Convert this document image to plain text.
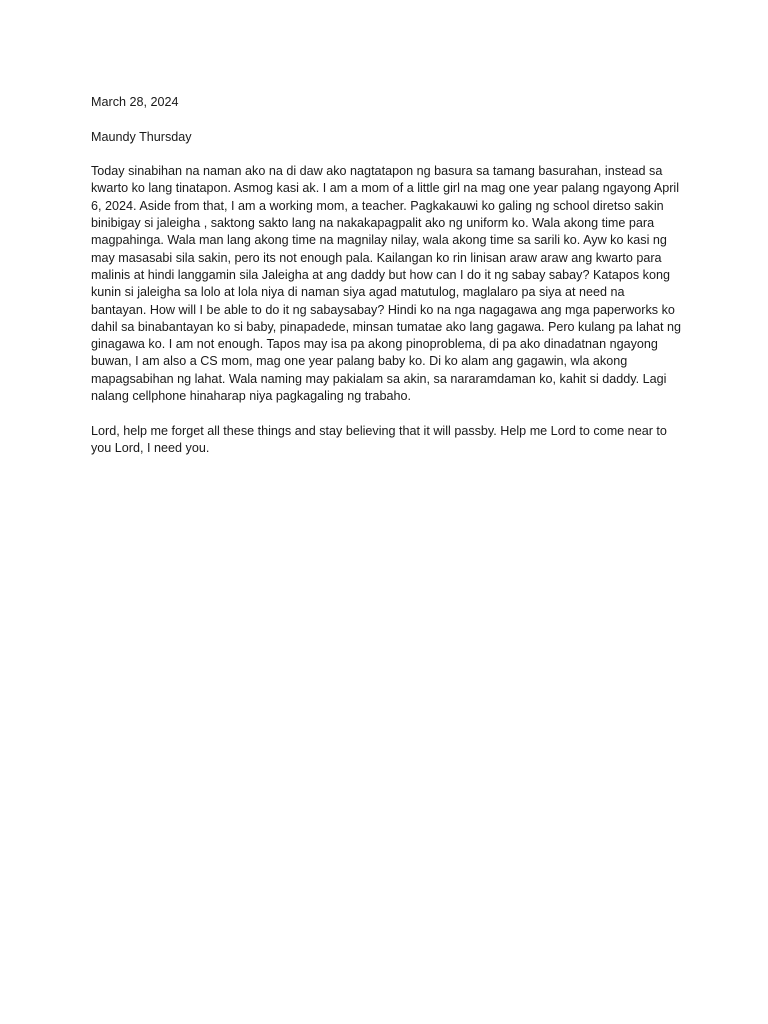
March 28, 2024

Maundy Thursday

Today sinabihan na naman ako na di daw ako nagtatapon ng basura sa tamang basurahan, instead sa kwarto ko lang tinatapon. Asmog kasi ak. I am a mom of a little girl na mag one year palang ngayong April 6, 2024. Aside from that, I am a working mom, a teacher. Pagkakauwi ko galing ng school diretso sakin binibigay si jaleigha , saktong sakto lang na nakakapagpalit ako ng uniform ko. Wala akong time para magpahinga. Wala man lang akong time na magnilay nilay, wala akong time sa sarili ko. Ayw ko kasi ng may masasabi sila sakin, pero its not enough pala. Kailangan ko rin linisan araw araw ang kwarto para malinis at hindi langgamin sila Jaleigha at ang daddy but how can I do it ng sabay sabay? Katapos kong kunin si jaleigha sa lolo at lola niya di naman siya agad matutulog, maglalaro pa siya at need na bantayan. How will I be able to do it ng sabaysabay? Hindi ko na nga nagagawa ang mga paperworks ko dahil sa binabantayan ko si baby, pinapadede, minsan tumatae ako lang gagawa. Pero kulang pa lahat ng ginagawa ko. I am not enough. Tapos may isa pa akong pinoproblema, di pa ako dinadatnan ngayong buwan, I am also a CS mom, mag one year palang baby ko. Di ko alam ang gagawin, wla akong mapagsabihan ng lahat. Wala naming may pakialam sa akin, sa nararamdaman ko, kahit si daddy. Lagi nalang cellphone hinaharap niya pagkagaling ng trabaho.

Lord, help me forget all these things and stay believing that it will passby. Help me Lord to come near to you Lord, I need you.
